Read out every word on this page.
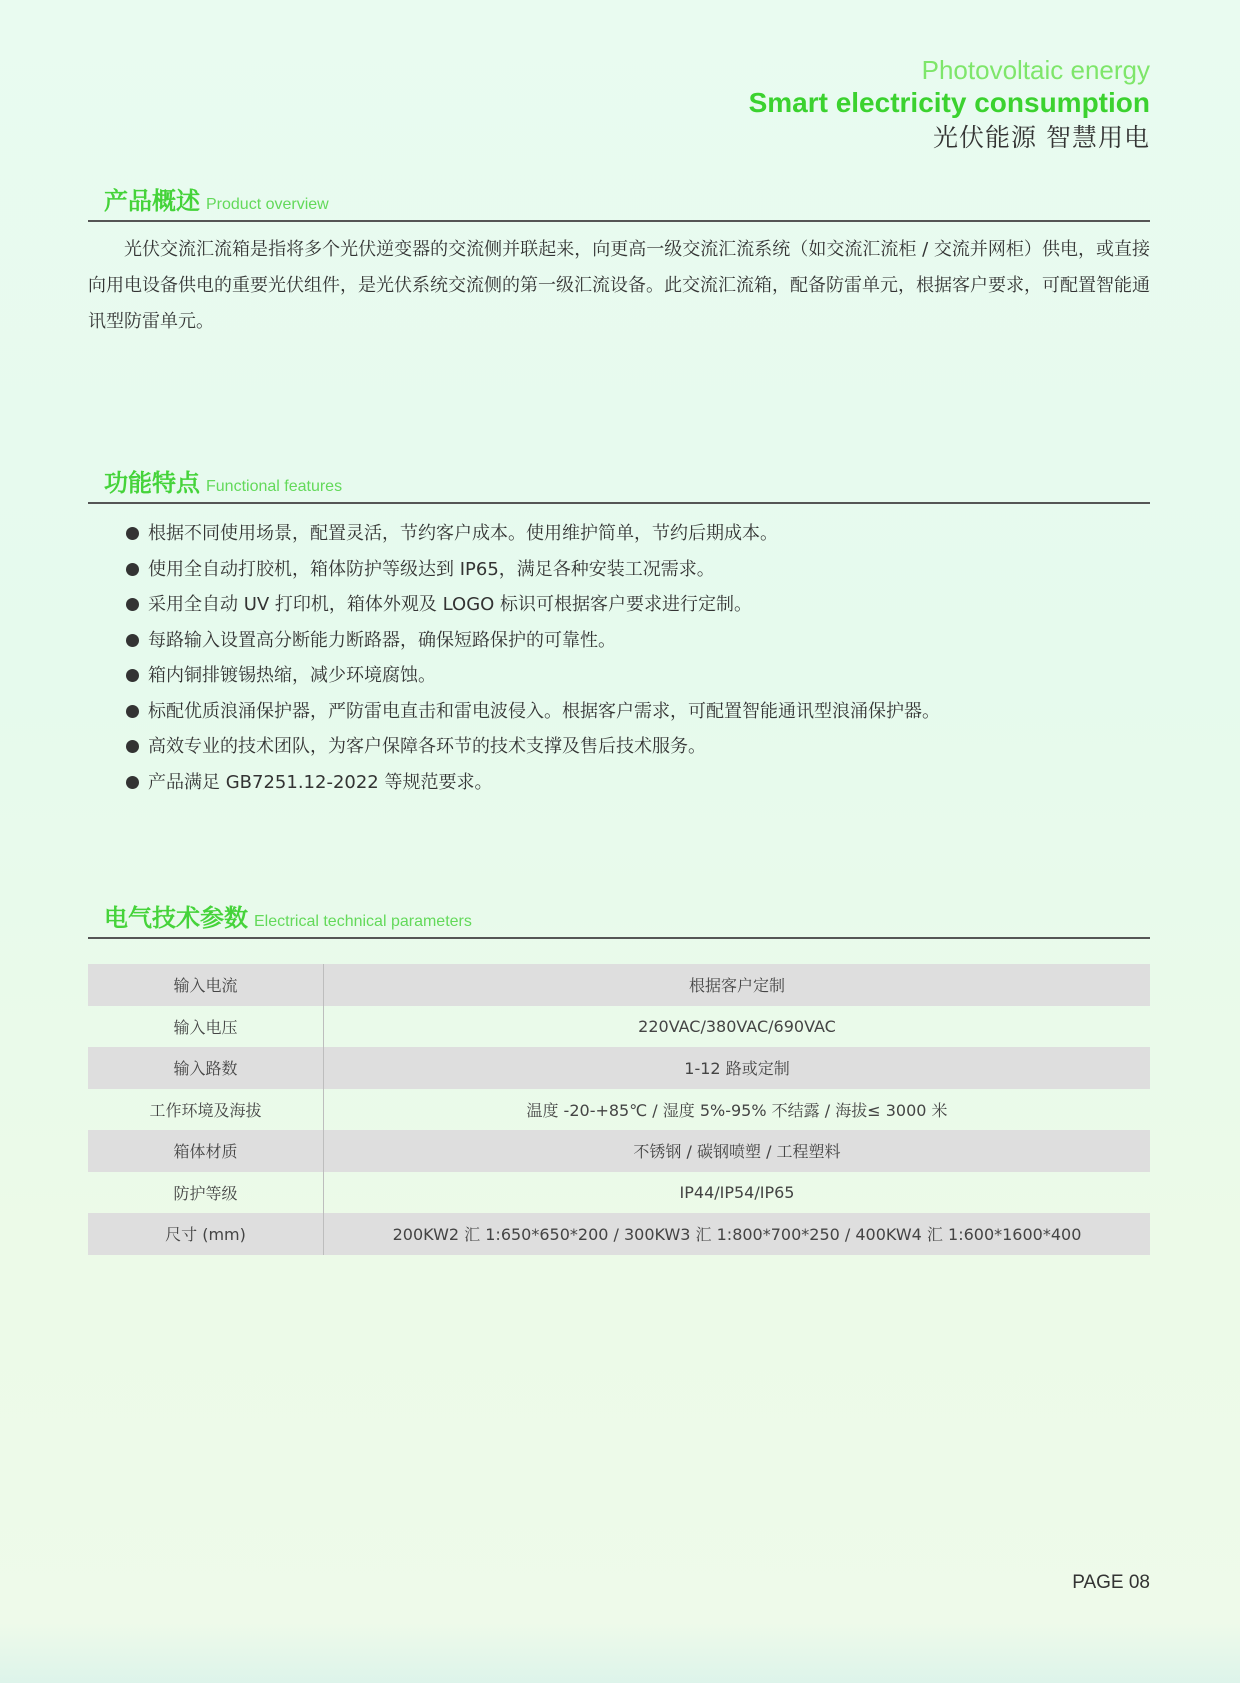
Photovoltaic energy
Smart electricity consumption
光伏能源 智慧用电
产品概述 Product overview

光伏交流汇流箱是指将多个光伏逆变器的交流侧并联起来，向更高一级交流汇流系统（如交流汇流柜 / 交流并网柜）供电，或直接向用电设备供电的重要光伏组件，是光伏系统交流侧的第一级汇流设备。此交流汇流箱，配备防雷单元，根据客户要求，可配置智能通讯型防雷单元。

功能特点 Functional features
根据不同使用场景，配置灵活，节约客户成本。使用维护简单，节约后期成本。
使用全自动打胶机，箱体防护等级达到 IP65，满足各种安装工况需求。
采用全自动 UV 打印机，箱体外观及 LOGO 标识可根据客户要求进行定制。
每路输入设置高分断能力断路器，确保短路保护的可靠性。
箱内铜排镀锡热缩，减少环境腐蚀。
标配优质浪涌保护器，严防雷电直击和雷电波侵入。根据客户需求，可配置智能通讯型浪涌保护器。
高效专业的技术团队，为客户保障各环节的技术支撑及售后技术服务。
产品满足 GB7251.12-2022 等规范要求。
电气技术参数 Electrical technical parameters
输入电流	根据客户定制
输入电压	220VAC/380VAC/690VAC
输入路数	1-12 路或定制
工作环境及海拔	温度 -20-+85℃ / 湿度 5%-95% 不结露 / 海拔≤ 3000 米
箱体材质	不锈钢 / 碳钢喷塑 / 工程塑料
防护等级	IP44/IP54/IP65
尺寸 (mm)	200KW2 汇 1:650*650*200 / 300KW3 汇 1:800*700*250 / 400KW4 汇 1:600*1600*400
PAGE 08
